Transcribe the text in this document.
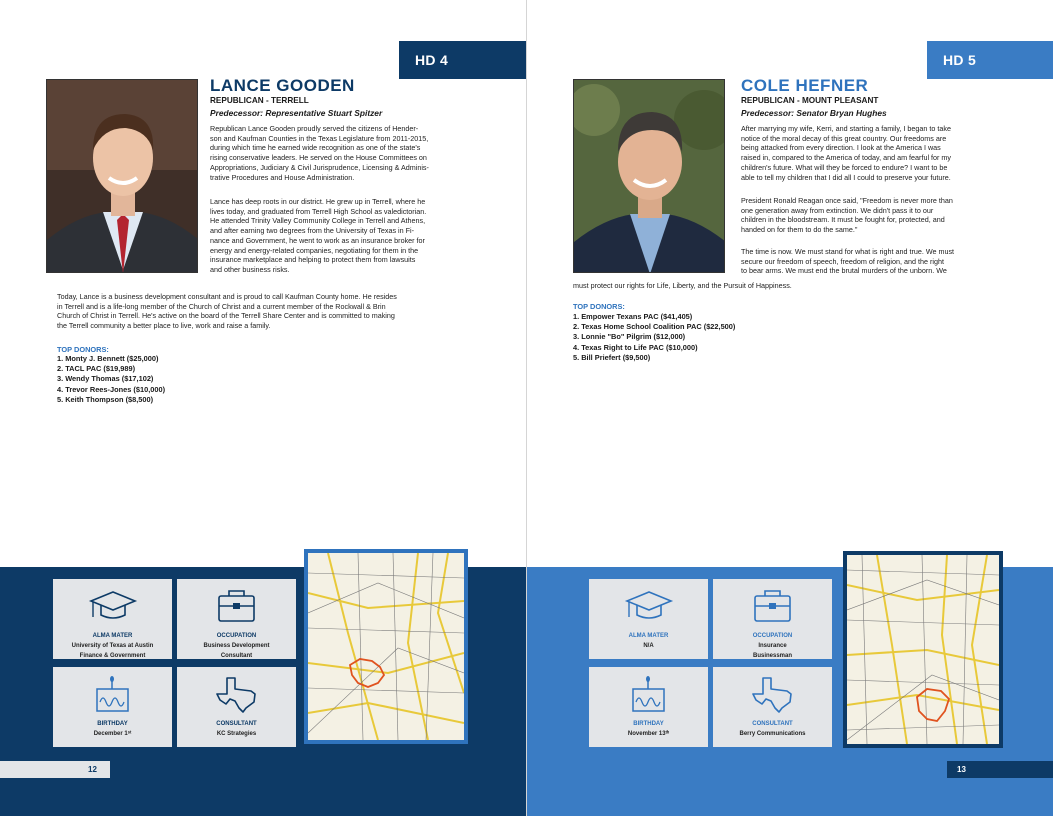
HD 4
LANCE GOODEN
REPUBLICAN - TERRELL
Predecessor: Representative Stuart Spitzer
Republican Lance Gooden proudly served the citizens of Hender-
son and Kaufman Counties in the Texas Legislature from 2011-2015,
during which time he earned wide recognition as one of the state's
rising conservative leaders. He served on the House Committees on
Appropriations, Judiciary & Civil Jurisprudence, Licensing & Adminis-
trative Procedures and House Administration.
Lance has deep roots in our district. He grew up in Terrell, where he
lives today, and graduated from Terrell High School as valedictorian.
He attended Trinity Valley Community College in Terrell and Athens,
and after earning two degrees from the University of Texas in Fi-
nance and Government, he went to work as an insurance broker for
energy and energy-related companies, negotiating for them in the
insurance marketplace and helping to protect them from lawsuits
and other business risks.
Today, Lance is a business development consultant and is proud to call Kaufman County home. He resides
in Terrell and is a life-long member of the Church of Christ and a current member of the Rockwall & Brin
Church of Christ in Terrell. He's active on the board of the Terrell Share Center and is committed to making
the Terrell community a better place to live, work and raise a family.
TOP DONORS:
1. Monty J. Bennett ($25,000)
2. TACL PAC ($19,989)
3. Wendy Thomas ($17,102)
4. Trevor Rees-Jones ($10,000)
5. Keith Thompson ($8,500)
ALMA MATER
University of Texas at Austin
Finance & Government
OCCUPATION
Business Development
Consultant
BIRTHDAY
December 1ˢᵗ
CONSULTANT
KC Strategies
12
HD 5
COLE HEFNER
REPUBLICAN - MOUNT PLEASANT
Predecessor: Senator Bryan Hughes
After marrying my wife, Kerri, and starting a family, I began to take
notice of the moral decay of this great country. Our freedoms are
being attacked from every direction. I look at the America I was
raised in, compared to the America of today, and am fearful for my
children's future. What will they be forced to endure? I want to be
able to tell my children that I did all I could to preserve your future.
President Ronald Reagan once said, "Freedom is never more than
one generation away from extinction. We didn't pass it to our
children in the bloodstream. It must be fought for, protected, and
handed on for them to do the same."
The time is now. We must stand for what is right and true. We must
secure our freedom of speech, freedom of religion, and the right
to bear arms. We must end the brutal murders of the unborn. We
must protect our rights for Life, Liberty, and the Pursuit of Happiness.
TOP DONORS:
1. Empower Texans PAC ($41,405)
2. Texas Home School Coalition PAC ($22,500)
3. Lonnie "Bo" Pilgrim ($12,000)
4. Texas Right to Life PAC ($10,000)
5. Bill Priefert ($9,500)
ALMA MATER
N/A
OCCUPATION
Insurance
Businessman
BIRTHDAY
November 13ᵗʰ
CONSULTANT
Berry Communications
13
